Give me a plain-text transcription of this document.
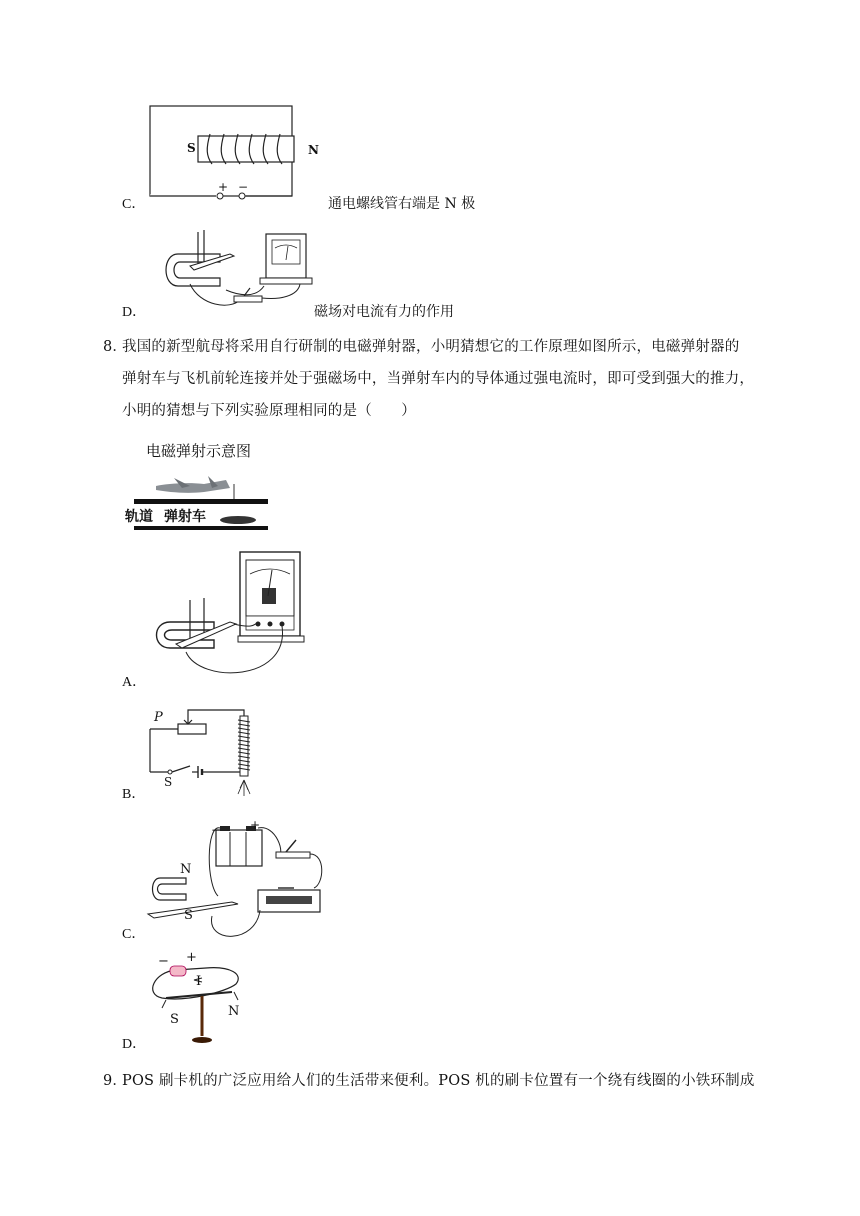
S	N
+ −
C．	通电螺线管右端是 N 极
D．	磁场对电流有力的作用
8．
我国的新型航母将采用自行研制的电磁弹射器，小明猜想它的工作原理如图所示，电磁弹射器的
弹射车与飞机前轮连接并处于强磁场中，当弹射车内的导体通过强电流时，即可受到强大的推力，
小明的猜想与下列实验原理相同的是（　　）
电磁弹射示意图
轨道 弹射车
A．
P
S
B．
− +
N
S
C．
− +
I
S
N
D．
9．
POS 刷卡机的广泛应用给人们的生活带来便利。POS 机的刷卡位置有一个绕有线圈的小铁环制成
